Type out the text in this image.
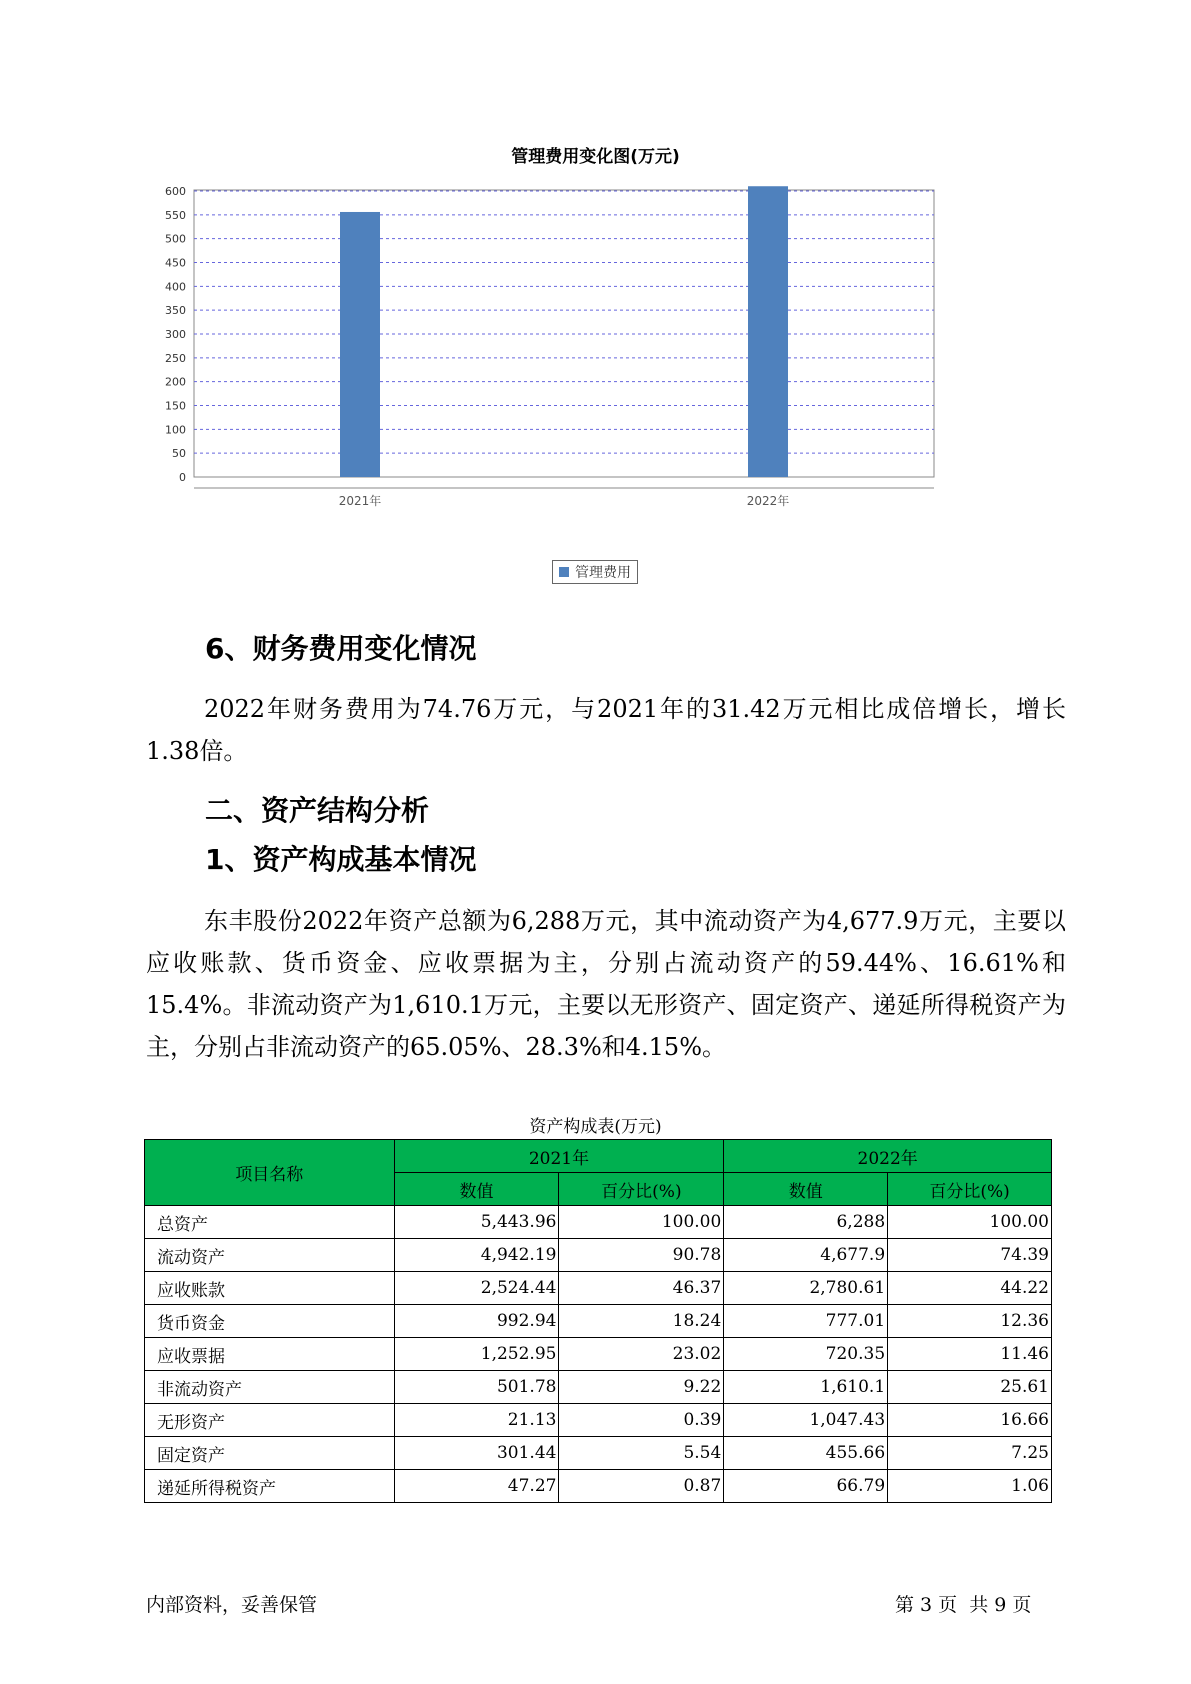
管理费用变化图(万元)
0
50
100
150
200
250
300
350
400
450
500
550
600
2021年	2022年
管理费用
6、财务费用变化情况

2022年财务费用为74.76万元，与2021年的31.42万元相比成倍增长，增长1.38倍。

二、资产结构分析
1、资产构成基本情况

东丰股份2022年资产总额为6,288万元，其中流动资产为4,677.9万元，主要以应收账款、货币资金、应收票据为主，分别占流动资产的59.44%、16.61%和15.4%。非流动资产为1,610.1万元，主要以无形资产、固定资产、递延所得税资产为主，分别占非流动资产的65.05%、28.3%和4.15%。

资产构成表(万元)
项目名称	2021年		2022年	
	数值	百分比(%)	数值	百分比(%)
总资产	5,443.96	100.00	6,288	100.00
流动资产	4,942.19	90.78	4,677.9	74.39
应收账款	2,524.44	46.37	2,780.61	44.22
货币资金	992.94	18.24	777.01	12.36
应收票据	1,252.95	23.02	720.35	11.46
非流动资产	501.78	9.22	1,610.1	25.61
无形资产	21.13	0.39	1,047.43	16.66
固定资产	301.44	5.54	455.66	7.25
递延所得税资产	47.27	0.87	66.79	1.06
内部资料，妥善保管	第 3 页  共 9 页
